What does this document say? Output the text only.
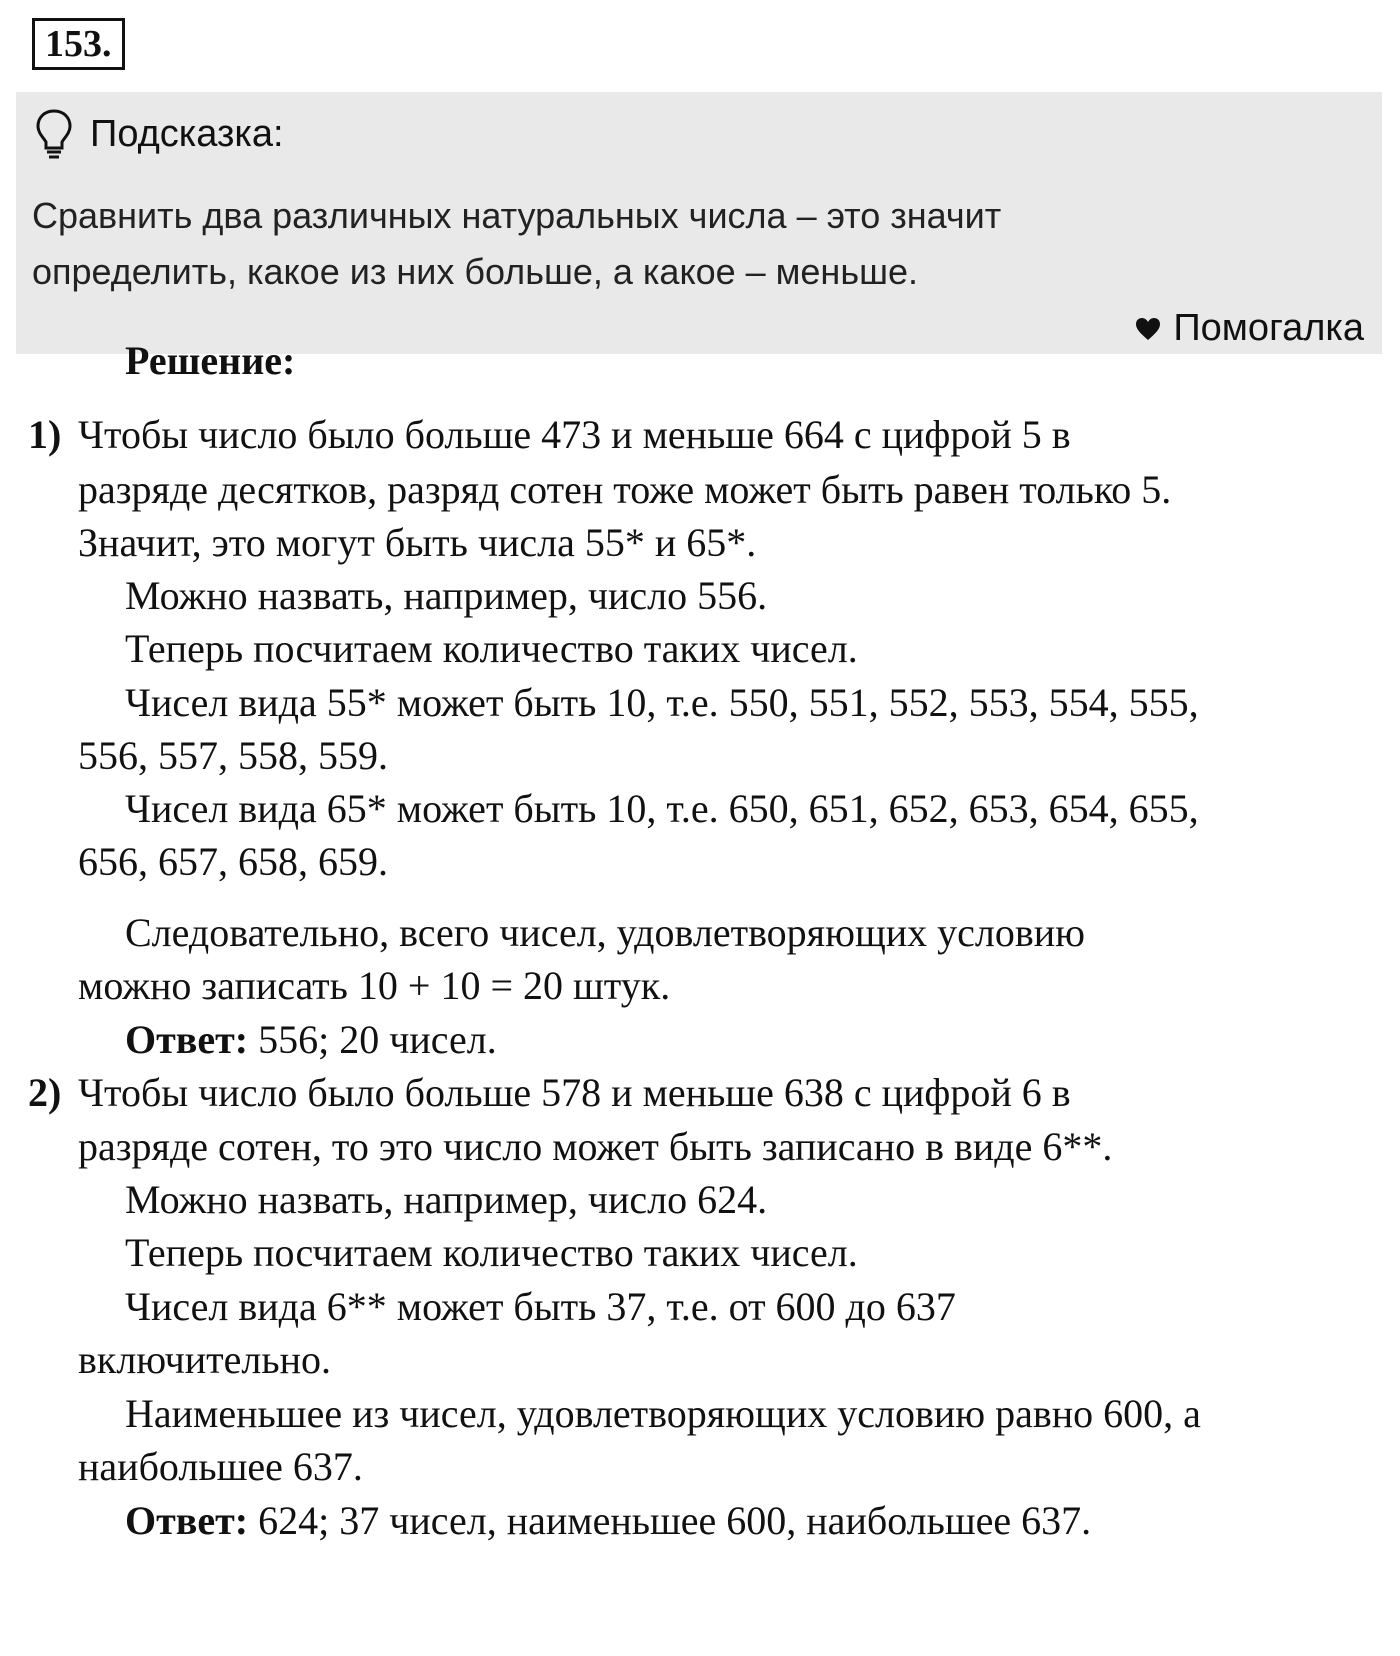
153.
Подсказка:
Сравнить два различных натуральных числа – это значит
определить, какое из них больше, а какое – меньше.
Помогалка
Решение:
1) Чтобы число было больше 473 и меньше 664 с цифрой 5 в
разряде десятков, разряд сотен тоже может быть равен только 5.
Значит, это могут быть числа 55* и 65*.
Можно назвать, например, число 556.
Теперь посчитаем количество таких чисел.
Чисел вида 55* может быть 10, т.е. 550, 551, 552, 553, 554, 555,
556, 557, 558, 559.
Чисел вида 65* может быть 10, т.е. 650, 651, 652, 653, 654, 655,
656, 657, 658, 659.
Следовательно, всего чисел, удовлетворяющих условию
можно записать 10 + 10 = 20 штук.
Ответ: 556; 20 чисел.
2) Чтобы число было больше 578 и меньше 638 с цифрой 6 в
разряде сотен, то это число может быть записано в виде 6**.
Можно назвать, например, число 624.
Теперь посчитаем количество таких чисел.
Чисел вида 6** может быть 37, т.е. от 600 до 637
включительно.
Наименьшее из чисел, удовлетворяющих условию равно 600, а
наибольшее 637.
Ответ: 624; 37 чисел, наименьшее 600, наибольшее 637.
